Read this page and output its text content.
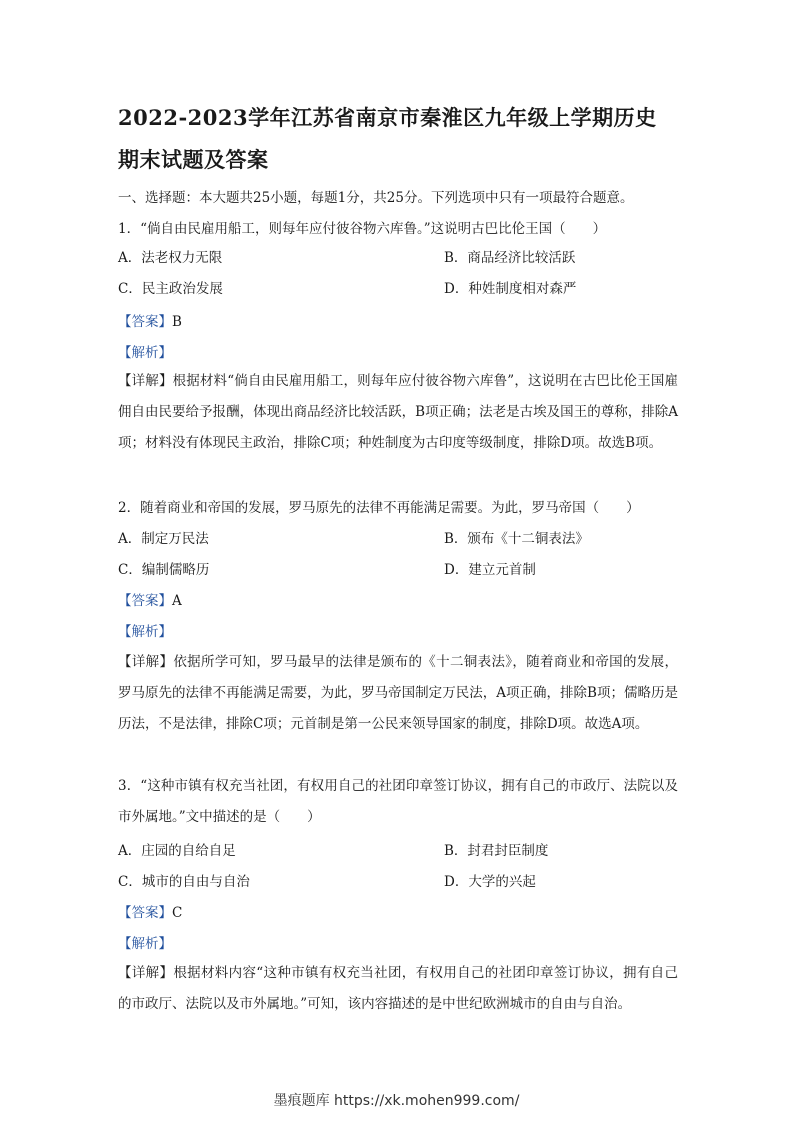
2022-2023学年江苏省南京市秦淮区九年级上学期历史期末试题及答案
一、选择题：本大题共25小题，每题1分，共25分。下列选项中只有一项最符合题意。
1．“倘自由民雇用船工，则每年应付彼谷物六库鲁。”这说明古巴比伦王国（　　）
A．法老权力无限	B．商品经济比较活跃
C．民主政治发展	D．种姓制度相对森严
【答案】B
【解析】
【详解】根据材料“倘自由民雇用船工，则每年应付彼谷物六库鲁”，这说明在古巴比伦王国雇佣自由民要给予报酬，体现出商品经济比较活跃，B项正确；法老是古埃及国王的尊称，排除A项；材料没有体现民主政治，排除C项；种姓制度为古印度等级制度，排除D项。故选B项。
2．随着商业和帝国的发展，罗马原先的法律不再能满足需要。为此，罗马帝国（　　）
A．制定万民法	B．颁布《十二铜表法》
C．编制儒略历	D．建立元首制
【答案】A
【解析】
【详解】依据所学可知，罗马最早的法律是颁布的《十二铜表法》，随着商业和帝国的发展，罗马原先的法律不再能满足需要，为此，罗马帝国制定万民法，A项正确，排除B项；儒略历是历法，不是法律，排除C项；元首制是第一公民来领导国家的制度，排除D项。故选A项。
3．“这种市镇有权充当社团，有权用自己的社团印章签订协议，拥有自己的市政厅、法院以及市外属地。”文中描述的是（　　）
A．庄园的自给自足	B．封君封臣制度
C．城市的自由与自治	D．大学的兴起
【答案】C
【解析】
【详解】根据材料内容“这种市镇有权充当社团，有权用自己的社团印章签订协议，拥有自己的市政厅、法院以及市外属地。”可知，该内容描述的是中世纪欧洲城市的自由与自治。
墨痕题库 https://xk.mohen999.com/
